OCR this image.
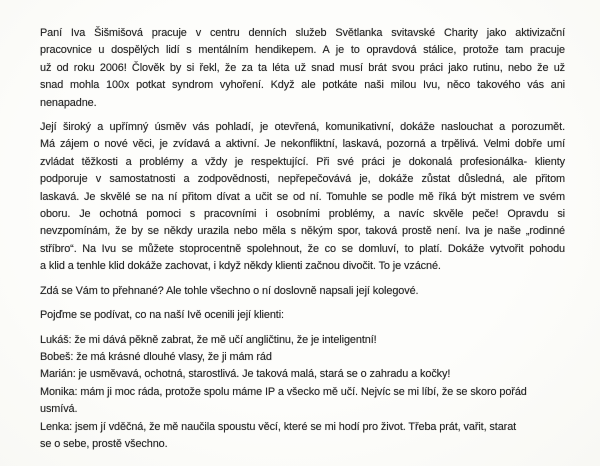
Paní Iva Šišmišová pracuje v centru denních služeb Světlanka svitavské Charity jako aktivizační
pracovnice u dospělých lidí s mentálním hendikepem. A je to opravdová stálice, protože tam pracuje
už od roku 2006! Člověk by si řekl, že za ta léta už snad musí brát svou práci jako rutinu, nebo že už
snad mohla 100x potkat syndrom vyhoření. Když ale potkáte naši milou Ivu, něco takového vás ani
nenapadne.
Její široký a upřímný úsměv vás pohladí, je otevřená, komunikativní, dokáže naslouchat a porozumět.
Má zájem o nové věci, je zvídavá a aktivní. Je nekonfliktní, laskavá, pozorná a trpělivá. Velmi dobře umí
zvládat těžkosti a problémy a vždy je respektující. Při své práci je dokonalá profesionálka- klienty
podporuje v samostatnosti a zodpovědnosti, nepřepečovává je, dokáže zůstat důsledná, ale přitom
laskavá. Je skvělé se na ní přitom dívat a učit se od ní. Tomuhle se podle mě říká být mistrem ve svém
oboru. Je ochotná pomoci s pracovními i osobními problémy, a navíc skvěle peče! Opravdu si
nevzpomínám, že by se někdy urazila nebo měla s někým spor, taková prostě není. Iva je naše „rodinné
stříbro“. Na Ivu se můžete stoprocentně spolehnout, že co se domluví, to platí. Dokáže vytvořit pohodu
a klid a tenhle klid dokáže zachovat, i když někdy klienti začnou divočit. To je vzácné.
Zdá se Vám to přehnané? Ale tohle všechno o ní doslovně napsali její kolegové.
Pojďme se podívat, co na naší Ivě ocenili její klienti:
Lukáš: že mi dává pěkně zabrat, že mě učí angličtinu, že je inteligentní!
Bobeš: že má krásné dlouhé vlasy, že ji mám rád
Marián: je usměvavá, ochotná, starostlivá. Je taková malá, stará se o zahradu a kočky!
Monika: mám ji moc ráda, protože spolu máme IP a všecko mě učí. Nejvíc se mi líbí, že se skoro pořád
usmívá.
Lenka: jsem jí vděčná, že mě naučila spoustu věcí, které se mi hodí pro život. Třeba prát, vařit, starat
se o sebe, prostě všechno.
